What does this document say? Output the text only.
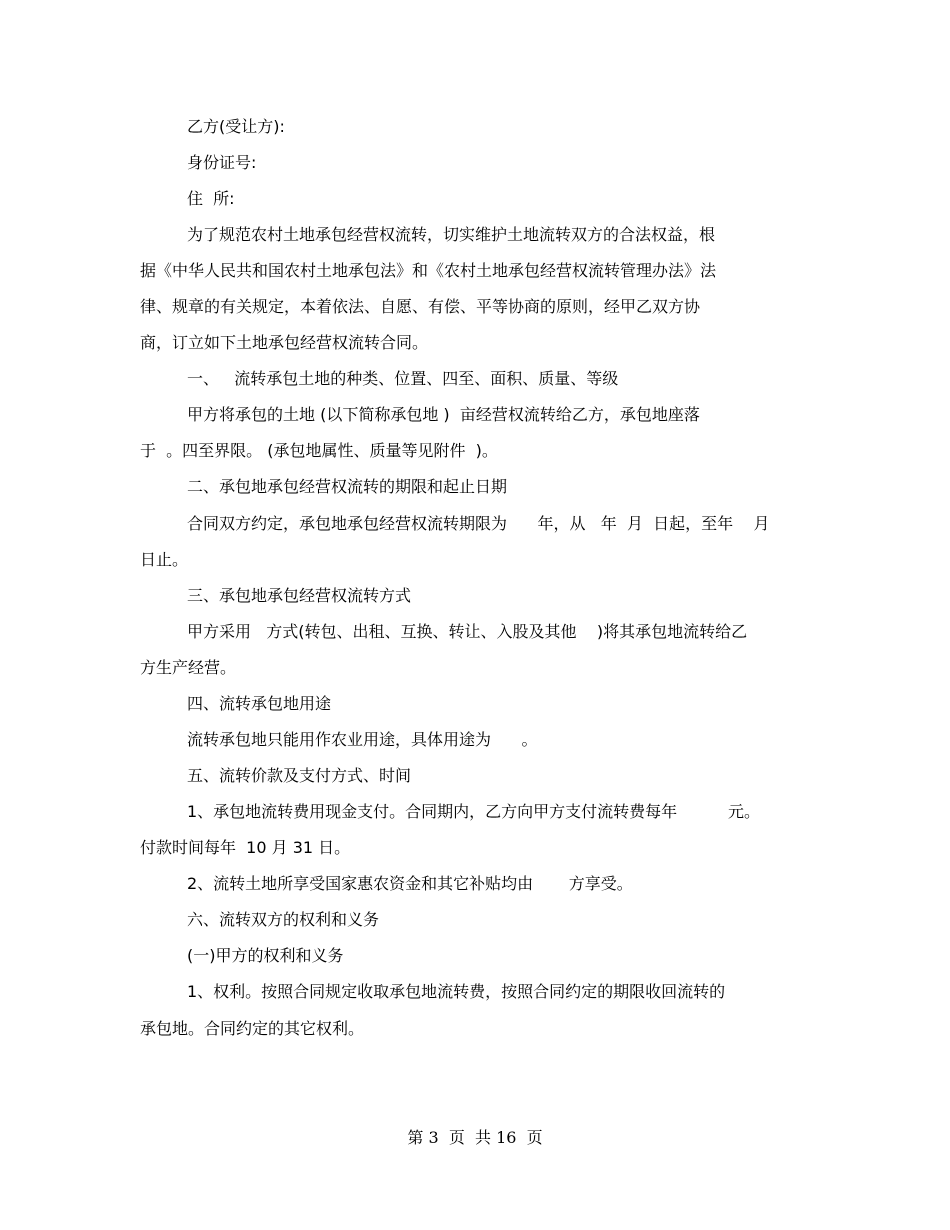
乙方(受让方):

身份证号:

住  所:

为了规范农村土地承包经营权流转，切实维护土地流转双方的合法权益，根

据《中华人民共和国农村土地承包法》和《农村土地承包经营权流转管理办法》法

律、规章的有关规定，本着依法、自愿、有偿、平等协商的原则，经甲乙双方协

商，订立如下土地承包经营权流转合同。

一、   流转承包土地的种类、位置、四至、面积、质量、等级

甲方将承包的土地 (以下简称承包地 )  亩经营权流转给乙方，承包地座落

于  。四至界限。 (承包地属性、质量等见附件  )。

二、承包地承包经营权流转的期限和起止日期

合同双方约定，承包地承包经营权流转期限为      年，从   年  月  日起，至年    月

日止。

三、承包地承包经营权流转方式

甲方采用   方式(转包、出租、互换、转让、入股及其他    )将其承包地流转给乙

方生产经营。

四、流转承包地用途

流转承包地只能用作农业用途，具体用途为      。

五、流转价款及支付方式、时间

1、承包地流转费用现金支付。合同期内，乙方向甲方支付流转费每年          元。

付款时间每年  10 月 31 日。

2、流转土地所享受国家惠农资金和其它补贴均由       方享受。

六、流转双方的权利和义务

(一)甲方的权利和义务

1、权利。按照合同规定收取承包地流转费，按照合同约定的期限收回流转的

承包地。合同约定的其它权利。

第 3  页  共 16  页
